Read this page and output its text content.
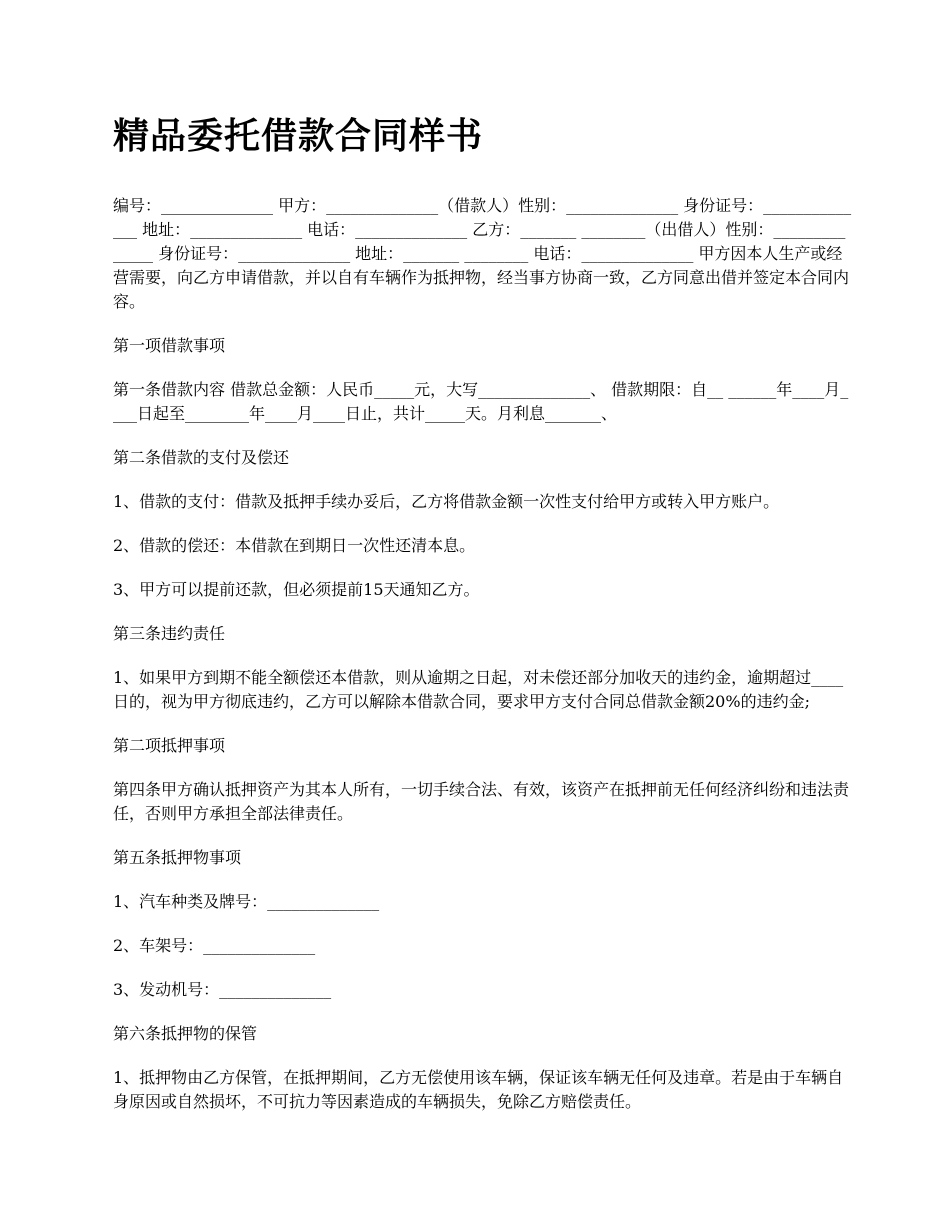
精品委托借款合同样书

编号：______________ 甲方：______________（借款人）性别：______________ 身份证号：______________ 地址：______________ 电话：______________ 乙方：_______ ________（出借人）性别：______________ 身份证号：______________ 地址：_______ ________ 电话：______________ 甲方因本人生产或经营需要，向乙方申请借款，并以自有车辆作为抵押物，经当事方协商一致，乙方同意出借并签定本合同内容。

第一项借款事项

第一条借款内容 借款总金额：人民币_____元，大写______________、 借款期限：自__ ______年____月____日起至________年____月____日止，共计_____天。月利息_______、

第二条借款的支付及偿还

1、借款的支付：借款及抵押手续办妥后，乙方将借款金额一次性支付给甲方或转入甲方账户。

2、借款的偿还：本借款在到期日一次性还清本息。

3、甲方可以提前还款，但必须提前15天通知乙方。

第三条违约责任

1、如果甲方到期不能全额偿还本借款，则从逾期之日起，对未偿还部分加收天的违约金，逾期超过____日的，视为甲方彻底违约，乙方可以解除本借款合同，要求甲方支付合同总借款金额20%的违约金;

第二项抵押事项

第四条甲方确认抵押资产为其本人所有，一切手续合法、有效，该资产在抵押前无任何经济纠纷和违法责任，否则甲方承担全部法律责任。

第五条抵押物事项

1、汽车种类及牌号：______________

2、车架号：______________

3、发动机号：______________

第六条抵押物的保管

1、抵押物由乙方保管，在抵押期间，乙方无偿使用该车辆，保证该车辆无任何及违章。若是由于车辆自身原因或自然损坏，不可抗力等因素造成的车辆损失，免除乙方赔偿责任。
